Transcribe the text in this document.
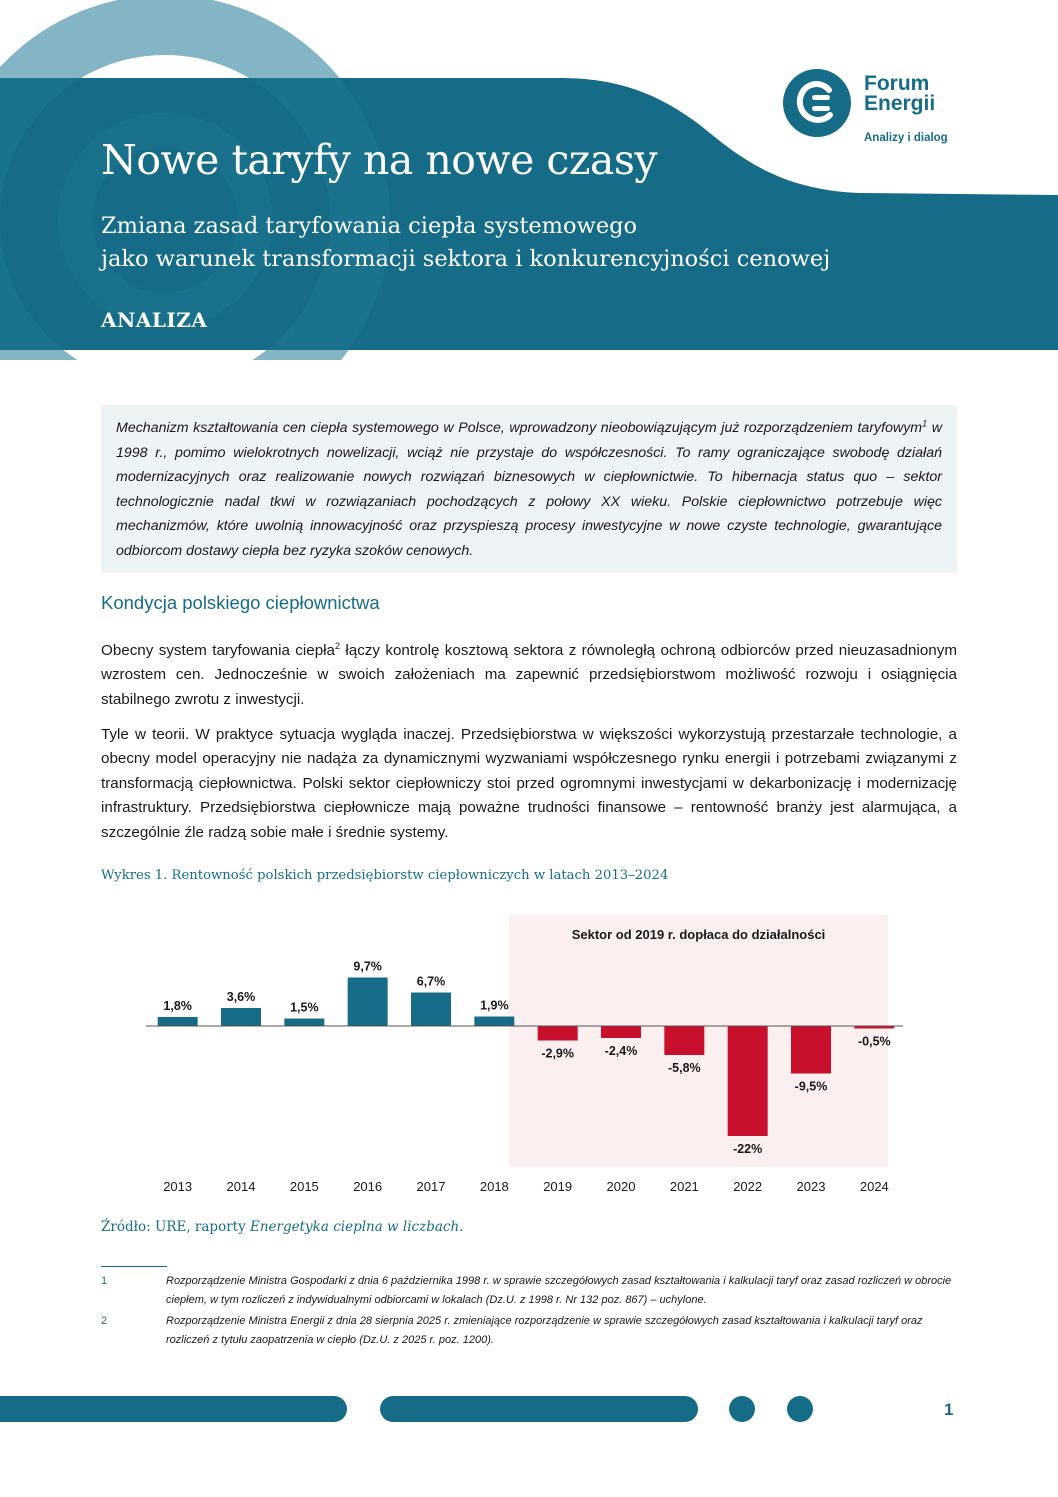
Nowe taryfy na nowe czasy
Zmiana zasad taryfowania ciepła systemowego
jako warunek transformacji sektora i konkurencyjności cenowej
ANALIZA
Forum
Energii
Analizy i dialog
Mechanizm kształtowania cen ciepła systemowego w Polsce, wprowadzony nieobowiązującym już rozporządzeniem taryfowym$^1$ w 1998 r., pomimo wielokrotnych nowelizacji, wciąż nie przystaje do współczesności. To ramy ograniczające swobodę działań modernizacyjnych oraz realizowanie nowych rozwiązań biznesowych w ciepłownictwie. To hibernacja status quo – sektor technologicznie nadal tkwi w rozwiązaniach pochodzących z połowy XX wieku. Polskie ciepłownictwo potrzebuje więc mechanizmów, które uwolnią innowacyjność oraz przyspieszą procesy inwestycyjne w nowe czyste technologie, gwarantujące odbiorcom dostawy ciepła bez ryzyka szoków cenowych.
Kondycja polskiego ciepłownictwa

Obecny system taryfowania ciepła$^2$ łączy kontrolę kosztową sektora z równoległą ochroną odbiorców przed nieuzasadnionym wzrostem cen. Jednocześnie w swoich założeniach ma zapewnić przedsiębiorstwom możliwość rozwoju i osiągnięcia stabilnego zwrotu z inwestycji.

Tyle w teorii. W praktyce sytuacja wygląda inaczej. Przedsiębiorstwa w większości wykorzystują przestarzałe technologie, a obecny model operacyjny nie nadąża za dynamicznymi wyzwaniami współczesnego rynku energii i potrzebami związanymi z transformacją ciepłownictwa. Polski sektor ciepłowniczy stoi przed ogromnymi inwestycjami w dekarbonizację i modernizację infrastruktury. Przedsiębiorstwa ciepłownicze mają poważne trudności finansowe – rentowność branży jest alarmująca, a szczególnie źle radzą sobie małe i średnie systemy.

Wykres 1. Rentowność polskich przedsiębiorstw ciepłowniczych w latach 2013–2024
Sektor od 2019 r. dopłaca do działalności
1,8%
2013
3,6%
2014
1,5%
2015
9,7%
2016
6,7%
2017
1,9%
2018
-2,9%
2019
-2,4%
2020
-5,8%
2021
-22%
2022
-9,5%
2023
-0,5%
2024
Źródło: URE, raporty Energetyka cieplna w liczbach.
1	Rozporządzenie Ministra Gospodarki z dnia 6 października 1998 r. w sprawie szczegółowych zasad kształtowania i kalkulacji taryf oraz zasad rozliczeń w obrocie ciepłem, w tym rozliczeń z indywidualnymi odbiorcami w lokalach (Dz.U. z 1998 r. Nr 132 poz. 867) – uchylone.
2	Rozporządzenie Ministra Energii z dnia 28 sierpnia 2025 r. zmieniające rozporządzenie w sprawie szczegółowych zasad kształtowania i kalkulacji taryf oraz rozliczeń z tytułu zaopatrzenia w ciepło (Dz.U. z 2025 r. poz. 1200).
1
